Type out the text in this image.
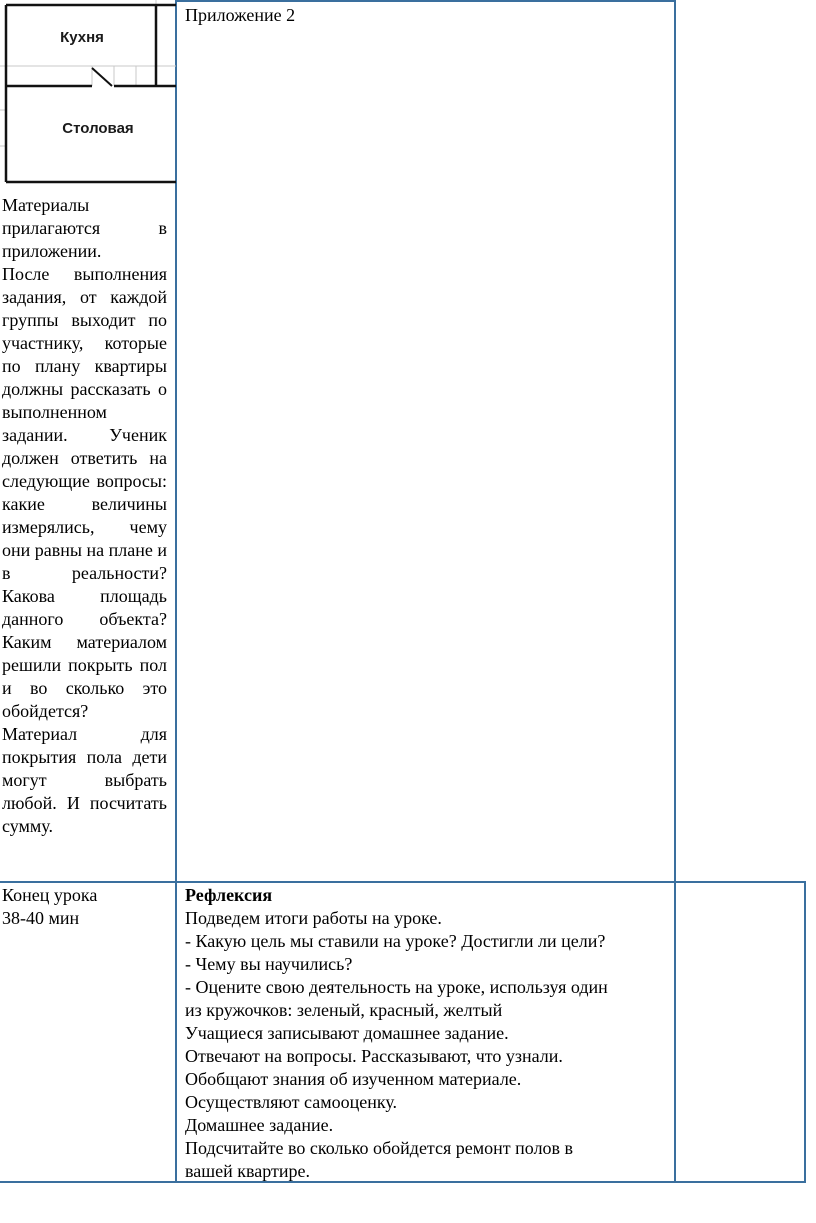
Кухня
Столовая
Материалы прилагаются в приложении.
После выполнения задания, от каждой группы выходит по участнику, которые по плану квартиры должны рассказать о выполненном задании. Ученик должен ответить на следующие вопросы: какие величины измерялись, чему они равны на плане и в реальности? Какова площадь данного объекта? Каким материалом решили покрыть пол и во сколько это обойдется? Материал для покрытия пола дети могут выбрать любой. И посчитать сумму.
Приложение 2
Конец урока
38-40 мин
Рефлексия
Подведем итоги работы на уроке.
- Какую цель мы ставили на уроке? Достигли ли цели?
- Чему вы научились?
- Оцените свою деятельность на уроке, используя один
из кружочков: зеленый, красный, желтый
Учащиеся записывают домашнее задание.
Отвечают на вопросы. Рассказывают, что узнали.
Обобщают знания об изученном материале.
Осуществляют самооценку.
Домашнее задание.
Подсчитайте во сколько обойдется ремонт полов в
вашей квартире.
